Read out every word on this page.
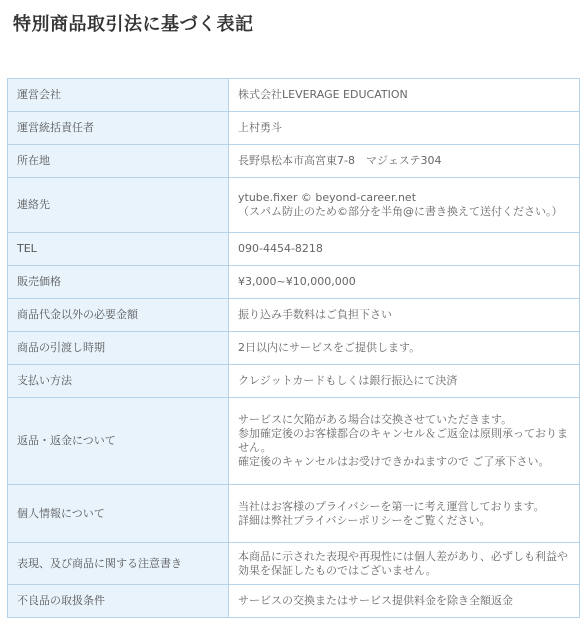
特別商品取引法に基づく表記
運営会社	株式会社LEVERAGE EDUCATION

運営統括責任者	上村勇斗

所在地	長野県松本市高宮東7-8　マジェステ304

連絡先	ytube.fixer © beyond-career.net
（スパム防止のため©部分を半角@に書き換えて送付ください。）

TEL	090-4454-8218

販売価格	¥3,000~¥10,000,000

商品代金以外の必要金額	振り込み手数料はご負担下さい

商品の引渡し時期	2日以内にサービスをご提供します。

支払い方法	クレジットカードもしくは銀行振込にて決済

返品・返金について	サービスに欠陥がある場合は交換させていただきます。
参加確定後のお客様都合のキャンセル＆ご返金は原則承っておりません。
確定後のキャンセルはお受けできかねますので ご了承下さい。

個人情報について	当社はお客様のプライバシーを第一に考え運営しております。
詳細は弊社プライバシーポリシーをご覧ください。

表現、及び商品に関する注意書き	本商品に示された表現や再現性には個人差があり、必ずしも利益や効果を保証したものではございません。

不良品の取扱条件	サービスの交換またはサービス提供料金を除き全額返金
